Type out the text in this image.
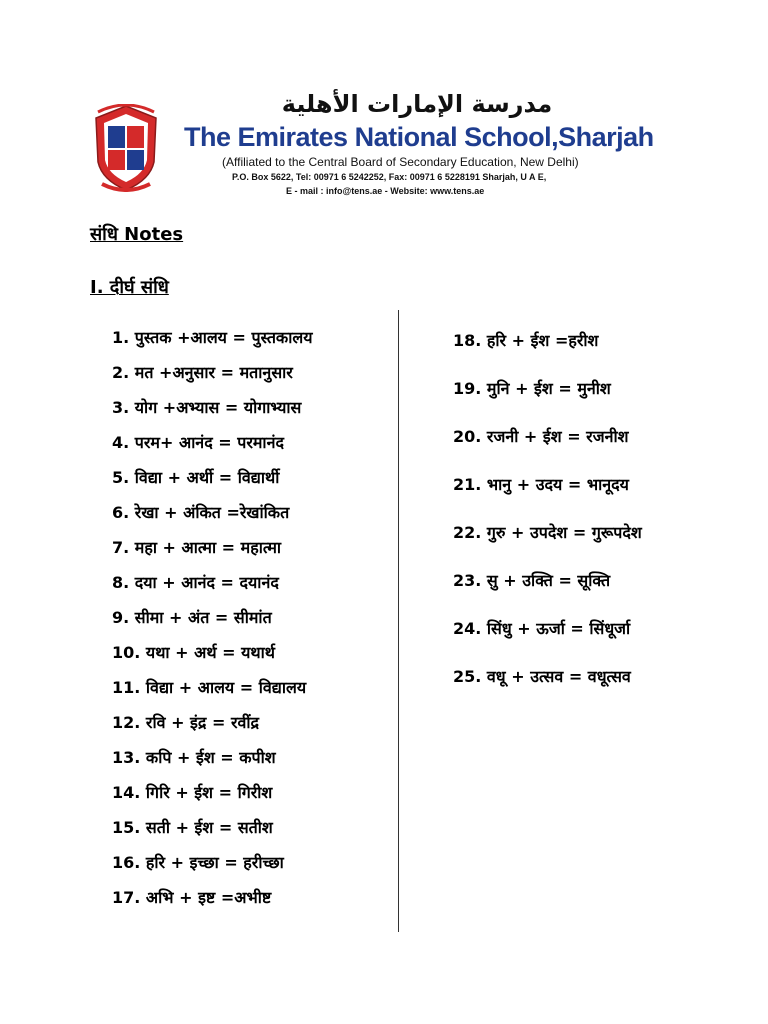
مدرسة الإمارات الأهلية
The Emirates National School,Sharjah
(Affiliated to the Central Board of Secondary Education, New Delhi)
P.O. Box 5622, Tel: 00971 6 5242252, Fax: 00971 6 5228191 Sharjah, U A E,
E - mail : info@tens.ae - Website: www.tens.ae
संधि Notes
I. दीर्घ संधि
1. पुस्तक +आलय = पुस्तकालय
2. मत +अनुसार = मतानुसार
3. योग +अभ्यास = योगाभ्यास
4. परम+ आनंद = परमानंद
5. विद्या + अर्थी = विद्यार्थी
6. रेखा + अंकित =रेखांकित
7. महा + आत्मा = महात्मा
8. दया + आनंद = दयानंद
9. सीमा + अंत = सीमांत
10. यथा + अर्थ = यथार्थ
11. विद्या + आलय = विद्यालय
12. रवि + इंद्र = रवींद्र
13. कपि + ईश = कपीश
14. गिरि + ईश = गिरीश
15. सती + ईश = सतीश
16. हरि + इच्छा = हरीच्छा
17. अभि + इष्ट =अभीष्ट
18. हरि + ईश =हरीश
19. मुनि + ईश = मुनीश
20. रजनी + ईश = रजनीश
21. भानु + उदय = भानूदय
22. गुरु + उपदेश = गुरूपदेश
23. सु + उक्ति = सूक्ति
24. सिंधु + ऊर्जा = सिंधूर्जा
25. वधू + उत्सव = वधूत्सव
